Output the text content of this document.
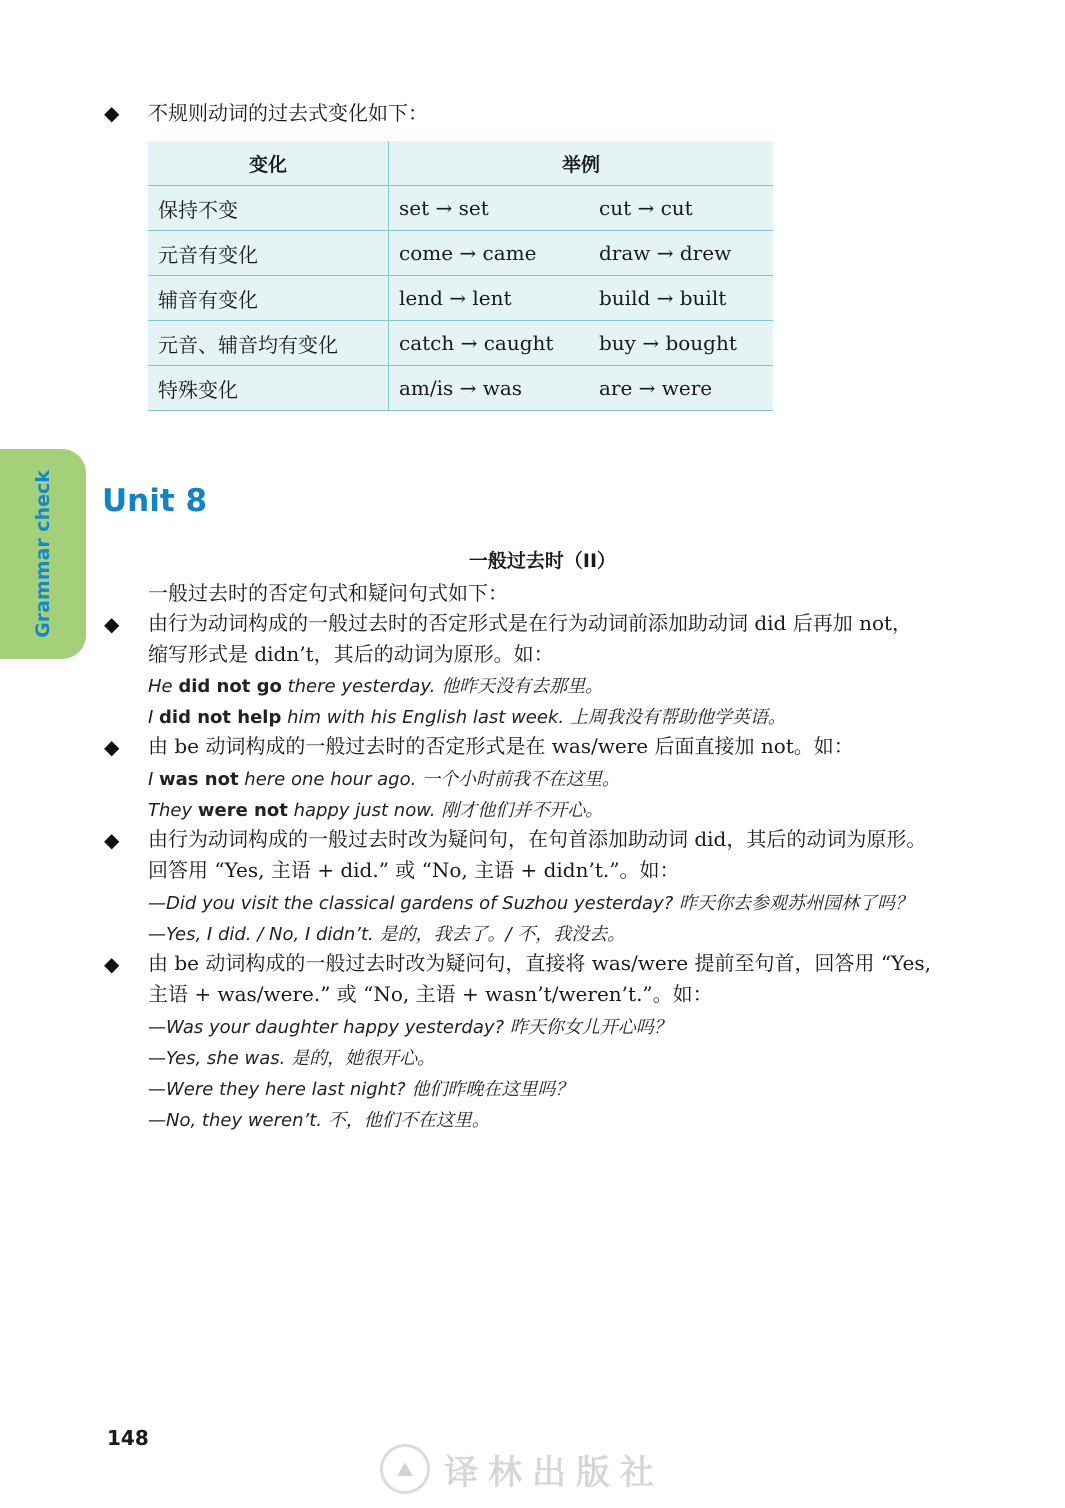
◆ 不规则动词的过去式变化如下：
变化	举例	
保持不变	set → set	cut → cut
元音有变化	come → came	draw → drew
辅音有变化	lend → lent	build → built
元音、辅音均有变化	catch → caught	buy → bought
特殊变化	am/is → was	are → were
Grammar check Unit 8
一般过去时（II）
一般过去时的否定句式和疑问句式如下：
◆ 由行为动词构成的一般过去时的否定形式是在行为动词前添加助动词 did 后再加 not，
缩写形式是 didn’t，其后的动词为原形。如：
He did not go there yesterday. 他昨天没有去那里。
I did not help him with his English last week. 上周我没有帮助他学英语。
◆ 由 be 动词构成的一般过去时的否定形式是在 was/were 后面直接加 not。如：
I was not here one hour ago. 一个小时前我不在这里。
They were not happy just now. 刚才他们并不开心。
◆ 由行为动词构成的一般过去时改为疑问句，在句首添加助动词 did，其后的动词为原形。
回答用 “Yes, 主语 + did.” 或 “No, 主语 + didn’t.”。如：
—Did you visit the classical gardens of Suzhou yesterday? 昨天你去参观苏州园林了吗？
—Yes, I did. / No, I didn’t. 是的，我去了。/ 不，我没去。
◆ 由 be 动词构成的一般过去时改为疑问句，直接将 was/were 提前至句首，回答用 “Yes,
主语 + was/were.” 或 “No, 主语 + wasn’t/weren’t.”。如：
—Was your daughter happy yesterday? 昨天你女儿开心吗？
—Yes, she was. 是的，她很开心。
—Were they here last night? 他们昨晚在这里吗？
—No, they weren’t. 不，他们不在这里。
148
⛰ 译林出版社
